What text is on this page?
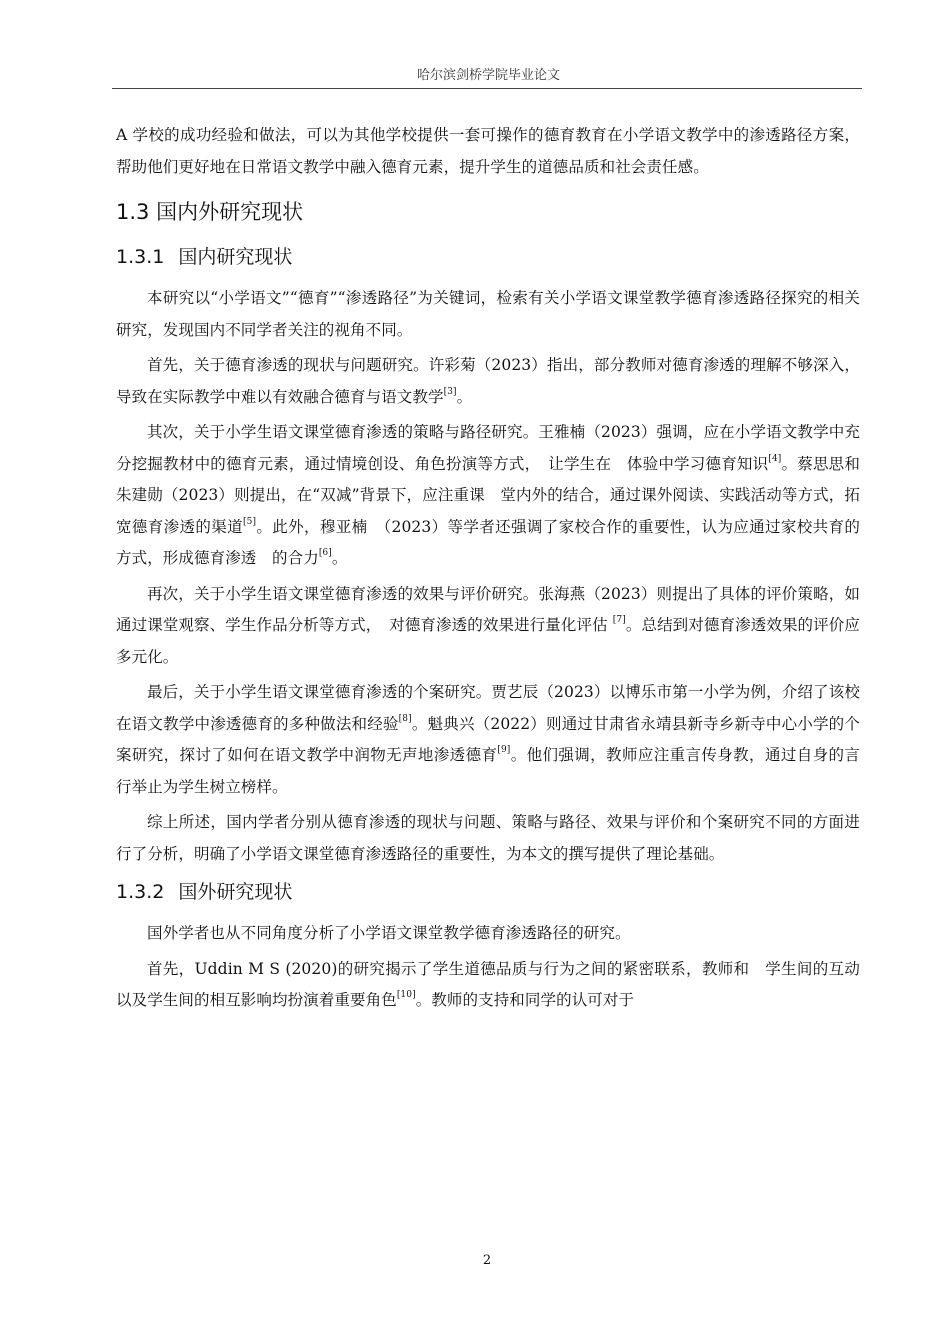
哈尔滨剑桥学院毕业论文

A 学校的成功经验和做法，可以为其他学校提供一套可操作的德育教育在小学语文教学中的渗透路径方案，帮助他们更好地在日常语文教学中融入德育元素，提升学生的道德品质和社会责任感。

1.3 国内外研究现状
1.3.1 国内研究现状

本研究以“小学语文”“德育”“渗透路径”为关键词，检索有关小学语文课堂教学德育渗透路径探究的相关研究，发现国内不同学者关注的视角不同。

首先，关于德育渗透的现状与问题研究。许彩菊（2023）指出，部分教师对德育渗透的理解不够深入，导致在实际教学中难以有效融合德育与语文教学[3]。

其次，关于小学生语文课堂德育渗透的策略与路径研究。王雅楠（2023）强调，应在小学语文教学中充分挖掘教材中的德育元素，通过情境创设、角色扮演等方式，　让学生在　体验中学习德育知识[4]。蔡思思和朱建勋（2023）则提出，在“双减”背景下，应注重课　堂内外的结合，通过课外阅读、实践活动等方式，拓宽德育渗透的渠道[5]。此外，穆亚楠　（2023）等学者还强调了家校合作的重要性，认为应通过家校共育的方式，形成德育渗透　的合力[6]。

再次，关于小学生语文课堂德育渗透的效果与评价研究。张海燕（2023）则提出了具体的评价策略，如通过课堂观察、学生作品分析等方式，　对德育渗透的效果进行量化评估 [7]。总结到对德育渗透效果的评价应多元化。

最后，关于小学生语文课堂德育渗透的个案研究。贾艺辰（2023）以博乐市第一小学为例，介绍了该校在语文教学中渗透德育的多种做法和经验[8]。魁典兴（2022）则通过甘肃省永靖县新寺乡新寺中心小学的个案研究，探讨了如何在语文教学中润物无声地渗透德育[9]。他们强调，教师应注重言传身教，通过自身的言行举止为学生树立榜样。

综上所述，国内学者分别从德育渗透的现状与问题、策略与路径、效果与评价和个案研究不同的方面进行了分析，明确了小学语文课堂德育渗透路径的重要性，为本文的撰写提供了理论基础。

1.3.2 国外研究现状

国外学者也从不同角度分析了小学语文课堂教学德育渗透路径的研究。

首先，Uddin M S (2020)的研究揭示了学生道德品质与行为之间的紧密联系，教师和　学生间的互动以及学生间的相互影响均扮演着重要角色[10]。教师的支持和同学的认可对于

2
